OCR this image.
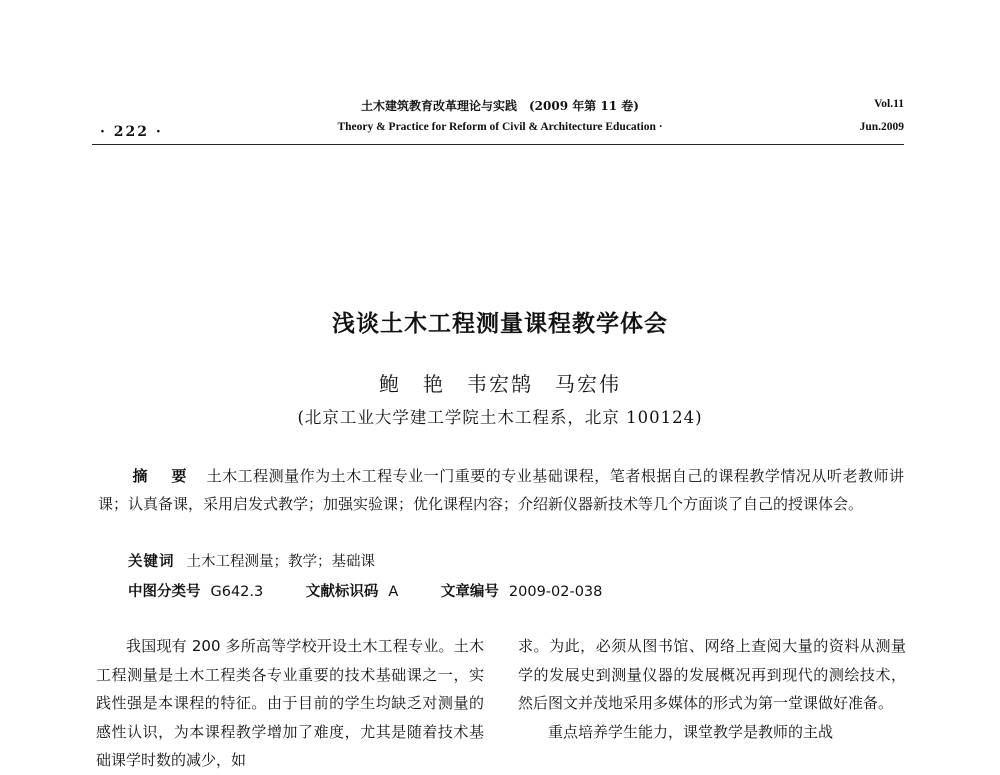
· 222 ·
土木建筑教育改革理论与实践　(2009 年第 11 卷)
Theory & Practice for Reform of Civil & Architecture Education ·
Vol.11
Jun.2009
浅谈土木工程测量课程教学体会
鲍　艳　韦宏鹄　马宏伟
(北京工业大学建工学院土木工程系，北京 100124)
摘　要　 土木工程测量作为土木工程专业一门重要的专业基础课程，笔者根据自己的课程教学情况从听老教师讲课；认真备课，采用启发式教学；加强实验课；优化课程内容；介绍新仪器新技术等几个方面谈了自己的授课体会。
关键词 土木工程测量；教学；基础课
中图分类号 G642.3	文献标识码 A	文章编号 2009-02-038

我国现有 200 多所高等学校开设土木工程专业。土木工程测量是土木工程类各专业重要的技术基础课之一，实践性强是本课程的特征。由于目前的学生均缺乏对测量的感性认识，为本课程教学增加了难度，尤其是随着技术基础课学时数的减少，如

求。为此，必须从图书馆、网络上查阅大量的资料从测量学的发展史到测量仪器的发展概况再到现代的测绘技术，然后图文并茂地采用多媒体的形式为第一堂课做好准备。

重点培养学生能力，课堂教学是教师的主战
